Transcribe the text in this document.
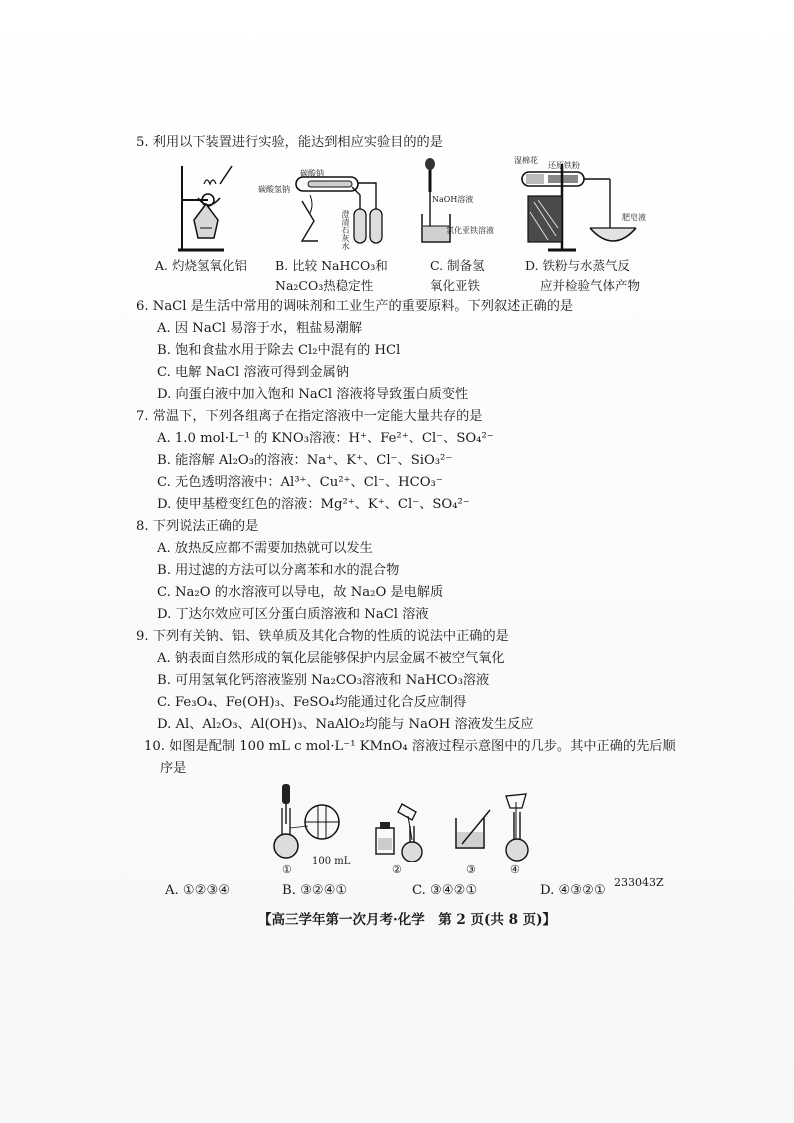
5. 利用以下装置进行实验，能达到相应实验目的的是
A. 灼烧氢氧化铝
碳酸钠
碳酸氢钠
澄清石灰水
B. 比较 NaHCO₃和
Na₂CO₃热稳定性
NaOH溶液
氯化亚铁溶液
C. 制备氢
氧化亚铁
湿棉花
还原铁粉
肥皂液
D. 铁粉与水蒸气反
应并检验气体产物
6. NaCl 是生活中常用的调味剂和工业生产的重要原料。下列叙述正确的是
A. 因 NaCl 易溶于水，粗盐易潮解
B. 饱和食盐水用于除去 Cl₂中混有的 HCl
C. 电解 NaCl 溶液可得到金属钠
D. 向蛋白液中加入饱和 NaCl 溶液将导致蛋白质变性
7. 常温下，下列各组离子在指定溶液中一定能大量共存的是
A. 1.0 mol·L⁻¹ 的 KNO₃溶液：H⁺、Fe²⁺、Cl⁻、SO₄²⁻
B. 能溶解 Al₂O₃的溶液：Na⁺、K⁺、Cl⁻、SiO₃²⁻
C. 无色透明溶液中：Al³⁺、Cu²⁺、Cl⁻、HCO₃⁻
D. 使甲基橙变红色的溶液：Mg²⁺、K⁺、Cl⁻、SO₄²⁻
8. 下列说法正确的是
A. 放热反应都不需要加热就可以发生
B. 用过滤的方法可以分离苯和水的混合物
C. Na₂O 的水溶液可以导电，故 Na₂O 是电解质
D. 丁达尔效应可区分蛋白质溶液和 NaCl 溶液
9. 下列有关钠、铝、铁单质及其化合物的性质的说法中正确的是
A. 钠表面自然形成的氧化层能够保护内层金属不被空气氧化
B. 可用氢氧化钙溶液鉴别 Na₂CO₃溶液和 NaHCO₃溶液
C. Fe₃O₄、Fe(OH)₃、FeSO₄均能通过化合反应制得
D. Al、Al₂O₃、Al(OH)₃、NaAlO₂均能与 NaOH 溶液发生反应
10. 如图是配制 100 mL c mol·L⁻¹ KMnO₄ 溶液过程示意图中的几步。其中正确的先后顺
序是
100 mL
①	②	③	④
A. ①②③④	B. ③②④①	C. ③④②①	D. ④③②①
233043Z
【高三学年第一次月考·化学　第 2 页(共 8 页)】
